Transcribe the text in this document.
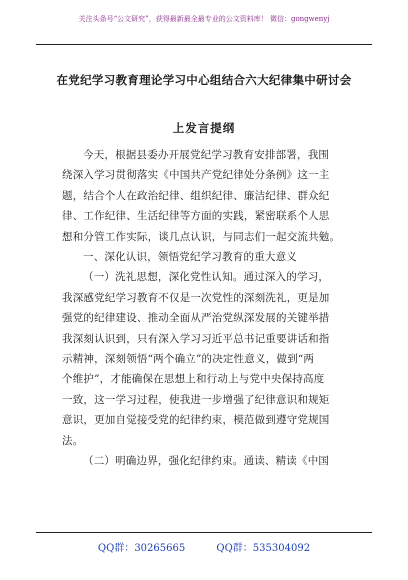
关注头条号“公文研究”，获得最新最全最专业的公文资料库！ 微信：gongwenyj
在党纪学习教育理论学习中心组结合六大纪律集中研讨会
上发言提纲

今天，根据县委办开展党纪学习教育安排部署，我围
绕深入学习贯彻落实《中国共产党纪律处分条例》这一主
题，结合个人在政治纪律、组织纪律、廉洁纪律、群众纪
律、工作纪律、生活纪律等方面的实践，紧密联系个人思
想和分管工作实际，谈几点认识，与同志们一起交流共勉。

一、深化认识，领悟党纪学习教育的重大意义

（一）洗礼思想，深化党性认知。通过深入的学习，
我深感党纪学习教育不仅是一次党性的深刻洗礼，更是加
强党的纪律建设、推动全面从严治党纵深发展的关键举措
我深刻认识到，只有深入学习习近平总书记重要讲话和指
示精神，深刻领悟“两个确立”的决定性意义，做到“两
个维护”，才能确保在思想上和行动上与党中央保持高度
一致，这一学习过程，使我进一步增强了纪律意识和规矩
意识，更加自觉接受党的纪律约束，模范做到遵守党规国
法。

（二）明确边界，强化纪律约束。通读、精读《中国

QQ群：30265665	QQ群：535304092
